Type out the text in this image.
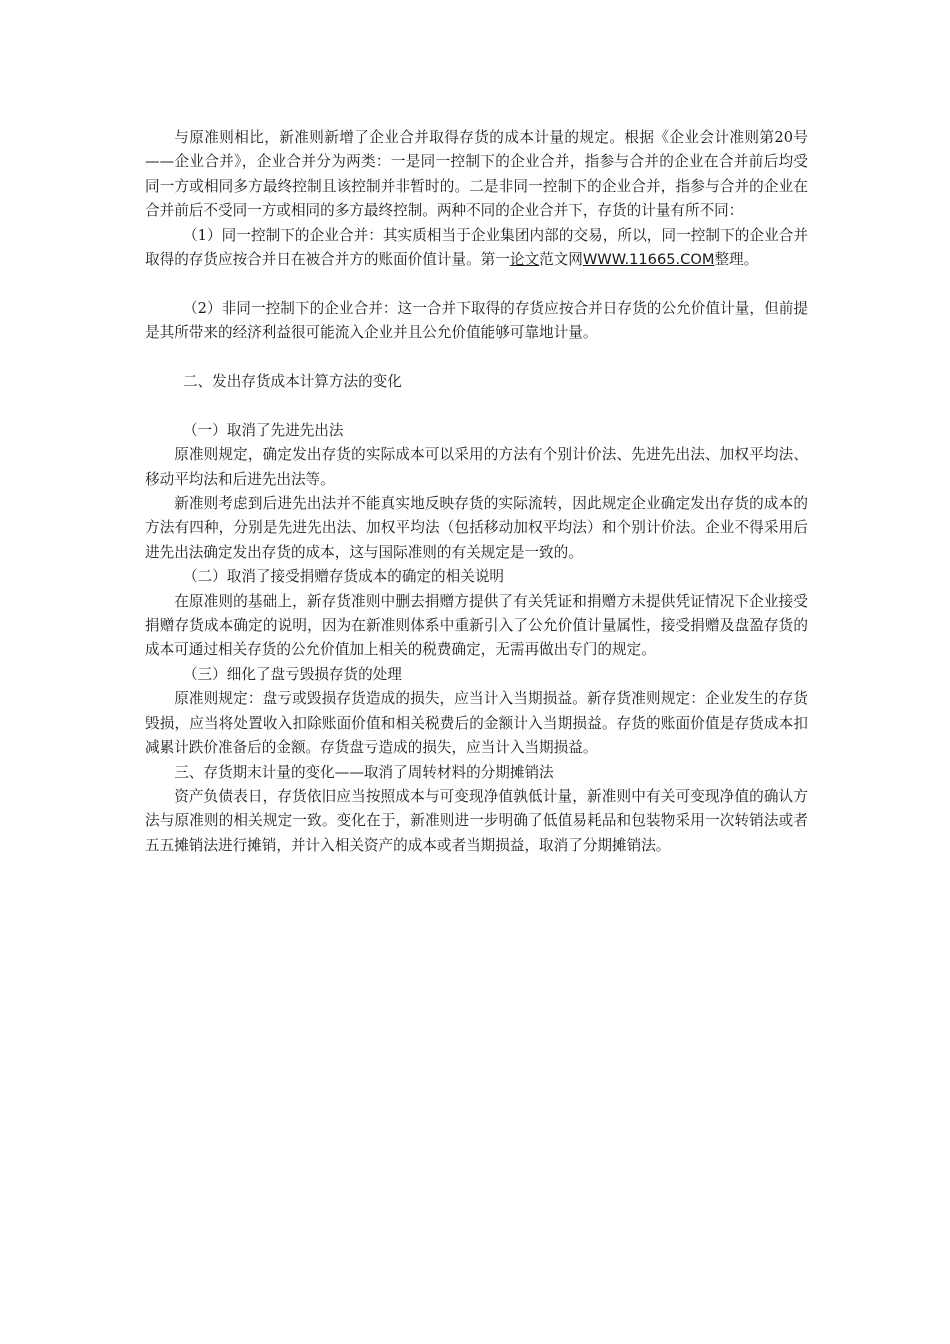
与原准则相比，新准则新增了企业合并取得存货的成本计量的规定。根据《企业会计准则第20号——企业合并》，企业合并分为两类：一是同一控制下的企业合并，指参与合并的企业在合并前后均受同一方或相同多方最终控制且该控制并非暂时的。二是非同一控制下的企业合并，指参与合并的企业在合并前后不受同一方或相同的多方最终控制。两种不同的企业合并下，存货的计量有所不同：

（1）同一控制下的企业合并：其实质相当于企业集团内部的交易，所以，同一控制下的企业合并取得的存货应按合并日在被合并方的账面价值计量。第一论文范文网WWW.11665.COM整理。

（2）非同一控制下的企业合并：这一合并下取得的存货应按合并日存货的公允价值计量，但前提是其所带来的经济利益很可能流入企业并且公允价值能够可靠地计量。

二、发出存货成本计算方法的变化

（一）取消了先进先出法

原准则规定，确定发出存货的实际成本可以采用的方法有个别计价法、先进先出法、加权平均法、移动平均法和后进先出法等。

新准则考虑到后进先出法并不能真实地反映存货的实际流转，因此规定企业确定发出存货的成本的方法有四种，分别是先进先出法、加权平均法（包括移动加权平均法）和个别计价法。企业不得采用后进先出法确定发出存货的成本，这与国际准则的有关规定是一致的。

（二）取消了接受捐赠存货成本的确定的相关说明

在原准则的基础上，新存货准则中删去捐赠方提供了有关凭证和捐赠方未提供凭证情况下企业接受捐赠存货成本确定的说明，因为在新准则体系中重新引入了公允价值计量属性，接受捐赠及盘盈存货的成本可通过相关存货的公允价值加上相关的税费确定，无需再做出专门的规定。

（三）细化了盘亏毁损存货的处理

原准则规定：盘亏或毁损存货造成的损失，应当计入当期损益。新存货准则规定：企业发生的存货毁损，应当将处置收入扣除账面价值和相关税费后的金额计入当期损益。存货的账面价值是存货成本扣减累计跌价准备后的金额。存货盘亏造成的损失，应当计入当期损益。

三、存货期末计量的变化——取消了周转材料的分期摊销法

资产负债表日，存货依旧应当按照成本与可变现净值孰低计量，新准则中有关可变现净值的确认方法与原准则的相关规定一致。变化在于，新准则进一步明确了低值易耗品和包装物采用一次转销法或者五五摊销法进行摊销，并计入相关资产的成本或者当期损益，取消了分期摊销法。
